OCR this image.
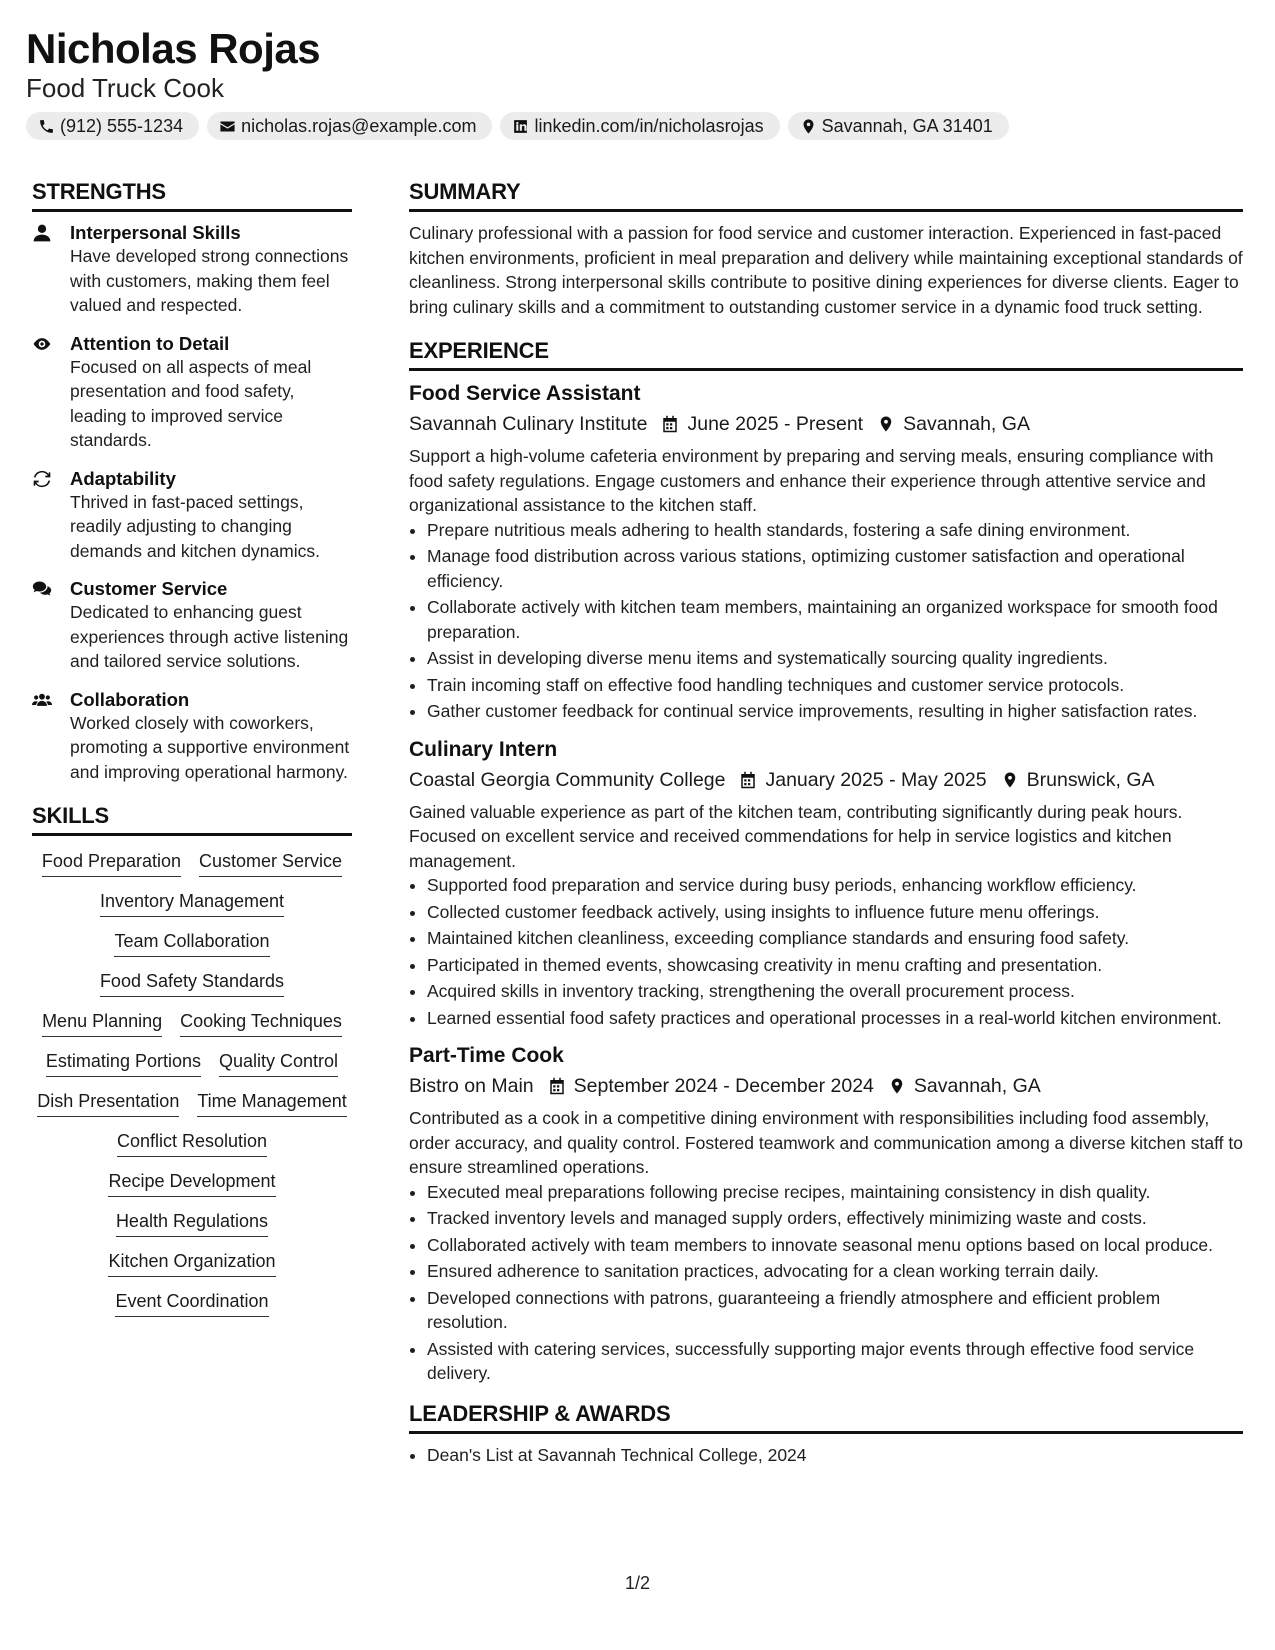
Nicholas Rojas
Food Truck Cook
(912) 555-1234	nicholas.rojas@example.com	linkedin.com/in/nicholasrojas	Savannah, GA 31401
STRENGTHS
Interpersonal Skills
Have developed strong connections with customers, making them feel valued and respected.
Attention to Detail
Focused on all aspects of meal presentation and food safety, leading to improved service standards.
Adaptability
Thrived in fast-paced settings, readily adjusting to changing demands and kitchen dynamics.
Customer Service
Dedicated to enhancing guest experiences through active listening and tailored service solutions.
Collaboration
Worked closely with coworkers, promoting a supportive environment and improving operational harmony.
SKILLS
Food Preparation Customer Service
Inventory Management
Team Collaboration
Food Safety Standards
Menu Planning Cooking Techniques
Estimating Portions Quality Control
Dish Presentation Time Management
Conflict Resolution
Recipe Development
Health Regulations
Kitchen Organization
Event Coordination
SUMMARY
Culinary professional with a passion for food service and customer interaction. Experienced in fast-paced kitchen environments, proficient in meal preparation and delivery while maintaining exceptional standards of cleanliness. Strong interpersonal skills contribute to positive dining experiences for diverse clients. Eager to bring culinary skills and a commitment to outstanding customer service in a dynamic food truck setting.
EXPERIENCE
Food Service Assistant
Savannah Culinary Institute June 2025 - Present Savannah, GA
Support a high-volume cafeteria environment by preparing and serving meals, ensuring compliance with food safety regulations. Engage customers and enhance their experience through attentive service and organizational assistance to the kitchen staff.
• Prepare nutritious meals adhering to health standards, fostering a safe dining environment.
• Manage food distribution across various stations, optimizing customer satisfaction and operational efficiency.
• Collaborate actively with kitchen team members, maintaining an organized workspace for smooth food preparation.
• Assist in developing diverse menu items and systematically sourcing quality ingredients.
• Train incoming staff on effective food handling techniques and customer service protocols.
• Gather customer feedback for continual service improvements, resulting in higher satisfaction rates.
Culinary Intern
Coastal Georgia Community College January 2025 - May 2025 Brunswick, GA
Gained valuable experience as part of the kitchen team, contributing significantly during peak hours. Focused on excellent service and received commendations for help in service logistics and kitchen management.
• Supported food preparation and service during busy periods, enhancing workflow efficiency.
• Collected customer feedback actively, using insights to influence future menu offerings.
• Maintained kitchen cleanliness, exceeding compliance standards and ensuring food safety.
• Participated in themed events, showcasing creativity in menu crafting and presentation.
• Acquired skills in inventory tracking, strengthening the overall procurement process.
• Learned essential food safety practices and operational processes in a real-world kitchen environment.
Part-Time Cook
Bistro on Main September 2024 - December 2024 Savannah, GA
Contributed as a cook in a competitive dining environment with responsibilities including food assembly, order accuracy, and quality control. Fostered teamwork and communication among a diverse kitchen staff to ensure streamlined operations.
• Executed meal preparations following precise recipes, maintaining consistency in dish quality.
• Tracked inventory levels and managed supply orders, effectively minimizing waste and costs.
• Collaborated actively with team members to innovate seasonal menu options based on local produce.
• Ensured adherence to sanitation practices, advocating for a clean working terrain daily.
• Developed connections with patrons, guaranteeing a friendly atmosphere and efficient problem resolution.
• Assisted with catering services, successfully supporting major events through effective food service delivery.
LEADERSHIP & AWARDS
• Dean's List at Savannah Technical College, 2024
1/2
